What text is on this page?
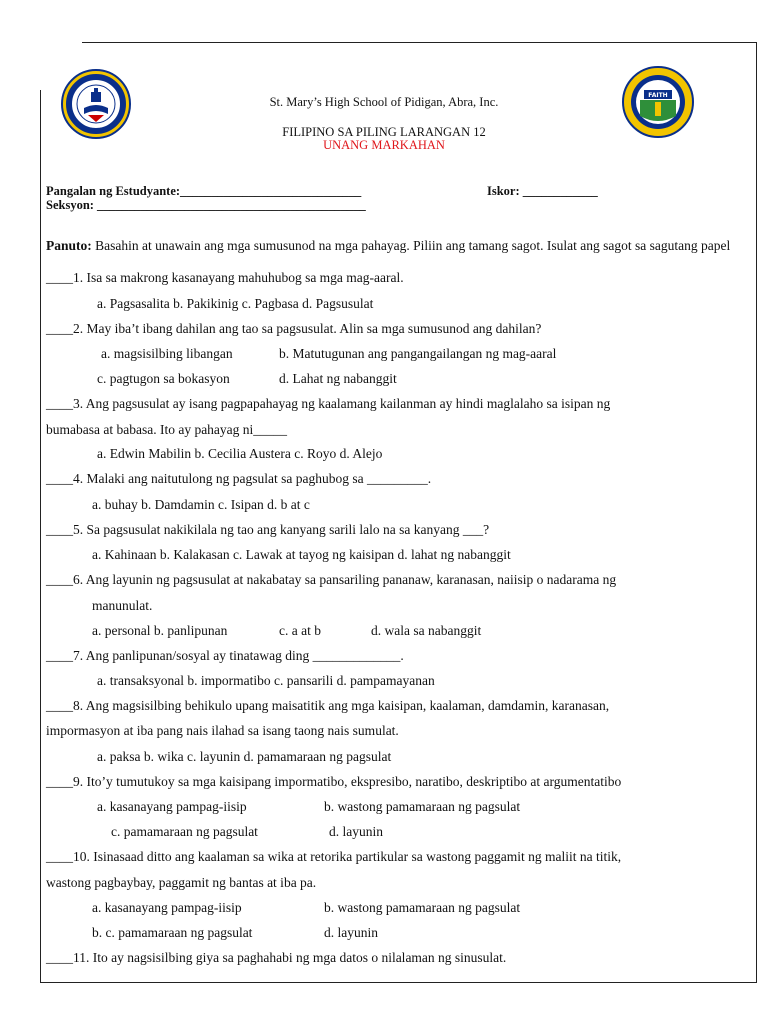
FAITH
St. Mary’s High School of Pidigan, Abra, Inc.
FILIPINO SA PILING LARANGAN 12
UNANG MARKAHAN
Pangalan ng Estudyante:_____________________________	Iskor: ____________
Seksyon: ___________________________________________
Panuto: Basahin at unawain ang mga sumusunod na mga pahayag. Piliin ang tamang sagot. Isulat ang sagot sa sagutang papel
____1. Isa sa makrong kasanayang mahuhubog sa mga mag-aaral.
a. Pagsasalita b. Pakikinig c. Pagbasa d. Pagsusulat
____2. May iba’t ibang dahilan ang tao sa pagsusulat. Alin sa mga sumusunod ang dahilan?
a. magsisilbing libangan	b. Matutugunan ang pangangailangan ng mag-aaral
c. pagtugon sa bokasyon	d. Lahat ng nabanggit
____3. Ang pagsusulat ay isang pagpapahayag ng kaalamang kailanman ay hindi maglalaho sa isipan ng
bumabasa at babasa. Ito ay pahayag ni_____
a. Edwin Mabilin b. Cecilia Austera c. Royo d. Alejo
____4. Malaki ang naitutulong ng pagsulat sa paghubog sa _________.
a. buhay b. Damdamin c. Isipan d. b at c
____5. Sa pagsusulat nakikilala ng tao ang kanyang sarili lalo na sa kanyang ___?
a. Kahinaan b. Kalakasan c. Lawak at tayog ng kaisipan d. lahat ng nabanggit
____6. Ang layunin ng pagsusulat at nakabatay sa pansariling pananaw, karanasan, naiisip o nadarama ng
manunulat.
a. personal b. panlipunan	c. a at b	d. wala sa nabanggit
____7. Ang panlipunan/sosyal ay tinatawag ding _____________.
a. transaksyonal b. impormatibo c. pansarili d. pampamayanan
____8. Ang magsisilbing behikulo upang maisatitik ang mga kaisipan, kaalaman, damdamin, karanasan,
impormasyon at iba pang nais ilahad sa isang taong nais sumulat.
a. paksa b. wika c. layunin d. pamamaraan ng pagsulat
____9. Ito’y tumutukoy sa mga kaisipang impormatibo, ekspresibo, naratibo, deskriptibo at argumentatibo
a. kasanayang pampag-iisip	b. wastong pamamaraan ng pagsulat
c. pamamaraan ng pagsulat	d. layunin
____10. Isinasaad ditto ang kaalaman sa wika at retorika partikular sa wastong paggamit ng maliit na titik,
wastong pagbaybay, paggamit ng bantas at iba pa.
a. kasanayang pampag-iisip	b. wastong pamamaraan ng pagsulat
b. c. pamamaraan ng pagsulat	d. layunin
____11. Ito ay nagsisilbing giya sa paghahabi ng mga datos o nilalaman ng sinusulat.
